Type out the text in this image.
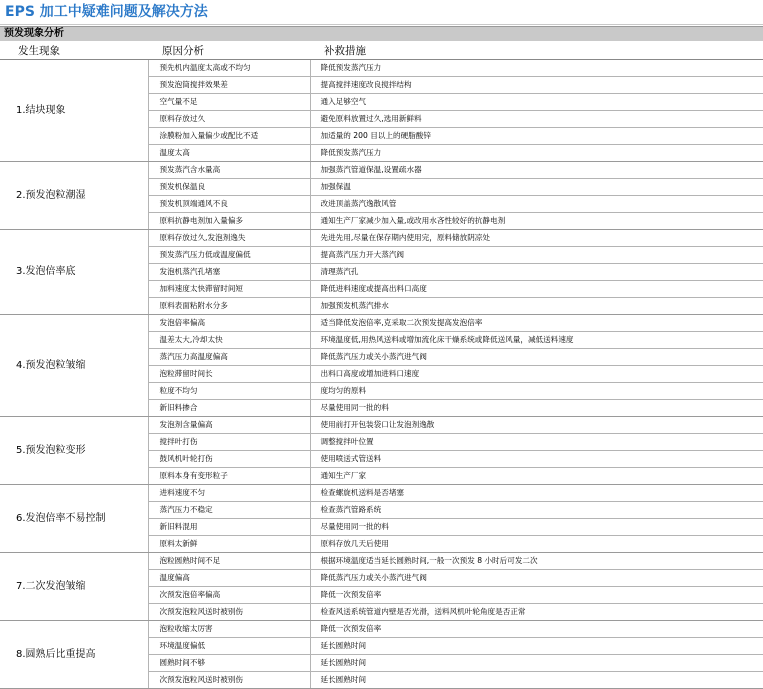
EPS 加工中疑难问题及解决方法
预发现象分析
发生现象	原因分析	补救措施
1.结块现象	预先机内温度太高或不均匀	降低预发蒸汽压力
	预发泡筒搅拌效果差	提高搅拌速度改良搅拌结构
	空气量不足	通入足够空气
	原料存放过久	避免原料放置过久,选用新鲜料
	涂膜粉加入量偏少或配比不适	加适量的 200 目以上的硬脂酸锌
	温度太高	降低预发蒸汽压力
2.预发泡粒潮湿	预发蒸汽含水量高	加强蒸汽管道保温,设置疏水器
	预发机保温良	加强保温
	预发机顶端通风不良	改进顶盖蒸汽逸散风管
	原料抗静电剂加入量偏多	通知生产厂家减少加入量,或改用水吝性较好的抗静电剂
3.发泡倍率底	原料存放过久,发泡剂逸失	先进先用,尽量在保存期内使用完，原料储放阴凉处
	预发蒸汽压力低或温度偏低	提高蒸汽压力开大蒸汽阀
	发泡机蒸汽孔堵塞	清理蒸汽孔
	加料速度太快滞留时间短	降低进料速度或提高出料口高度
	原料表面粘附水分多	加强预发机蒸汽排水
4.预发泡粒皱缩	发泡倍率偏高	适当降低发泡倍率,克采取二次预发提高发泡倍率
	温差太大,冷却太快	环境温度低,用热风送料或增加流化床干燥系统或降低送风量，减低送料速度
	蒸汽压力高温度偏高	降低蒸汽压力或关小蒸汽进气阀
	泡粒滞留时间长	出料口高度或增加进料口速度
	粒度不均匀	度均匀的原料
	新旧料掺合	尽量使用同一批的料
5.预发泡粒变形	发泡剂含量偏高	使用前打开包装袋口让发泡剂逸散
	搅拌叶打伤	调整搅拌叶位置
	鼓风机叶轮打伤	使用喷送式管送料
	原料本身有变形粒子	通知生产厂家
6.发泡倍率不易控制	进料速度不匀	检查螺旋机送料是否堵塞
	蒸汽压力不稳定	检查蒸汽管路系统
	新旧料混用	尽量使用同一批的料
	原料太新鲜	原料存放几天后使用
7.二次发泡皱缩	泡粒圆熟时间不足	根据环境温度适当延长圆熟时间,一般一次预发 8 小时后可发二次
	温度偏高	降低蒸汽压力或关小蒸汽进气阀
	次预发泡倍率偏高	降低一次预发倍率
	次预发泡粒风送时被别伤	检查风送系统管道内壁是否光滑，送料风机叶轮角度是否正常
8.圆熟后比重提高	泡粒收缩太厉害	降低一次预发倍率
	环境温度偏低	延长圆熟时间
	圆熟时间不够	延长圆熟时间
	次预发泡粒风送时被别伤	延长圆熟时间
